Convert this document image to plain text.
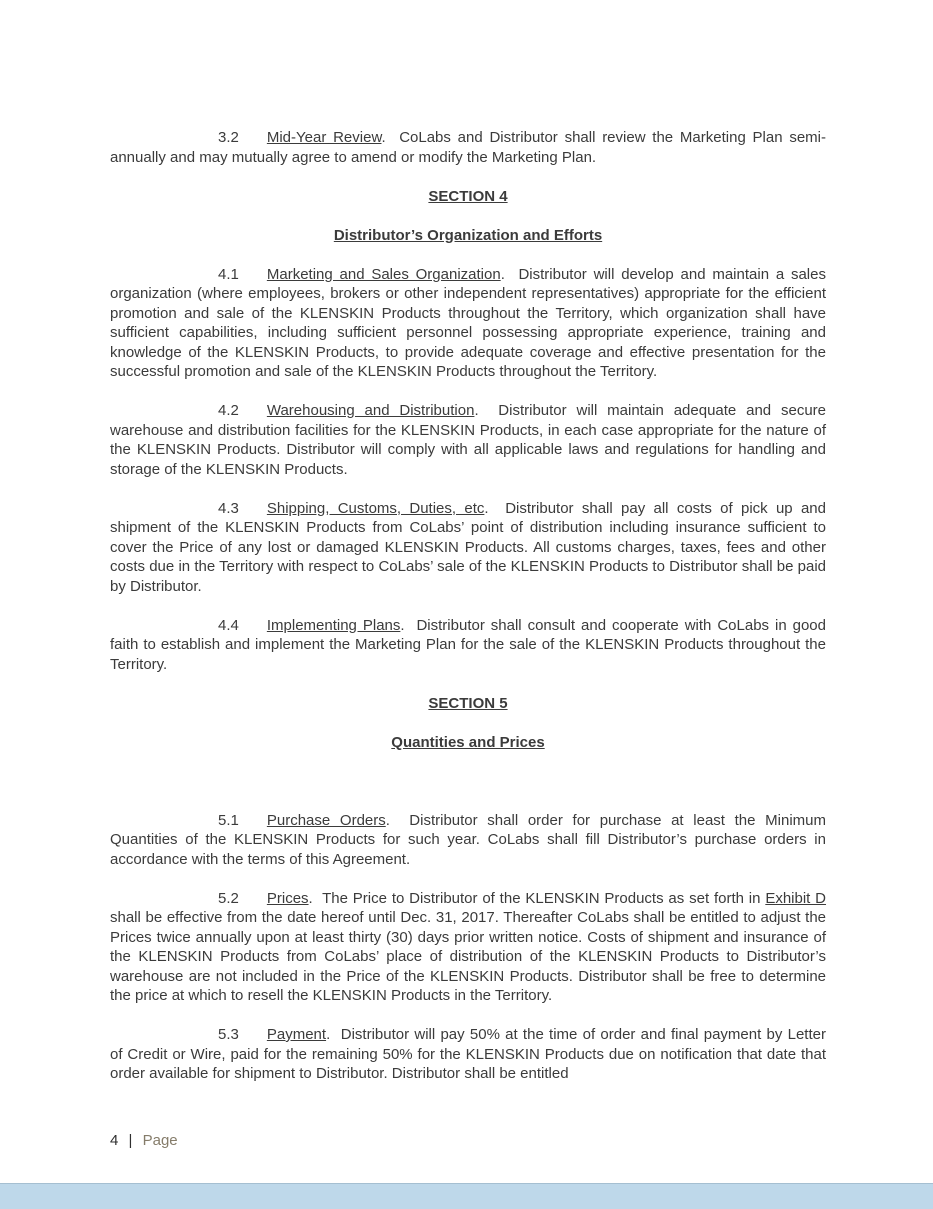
3.2 Mid-Year Review.  CoLabs and Distributor shall review the Marketing Plan semi-annually and may mutually agree to amend or modify the Marketing Plan.

SECTION 4
Distributor’s Organization and Efforts

4.1 Marketing and Sales Organization.  Distributor will develop and maintain a sales organization (where employees, brokers or other independent representatives) appropriate for the efficient promotion and sale of the KLENSKIN Products throughout the Territory, which organization shall have sufficient capabilities, including sufficient personnel possessing appropriate experience, training and knowledge of the KLENSKIN Products, to provide adequate coverage and effective presentation for the successful promotion and sale of the KLENSKIN Products throughout the Territory.

4.2 Warehousing and Distribution.  Distributor will maintain adequate and secure warehouse and distribution facilities for the KLENSKIN Products, in each case appropriate for the nature of the KLENSKIN Products. Distributor will comply with all applicable laws and regulations for handling and storage of the KLENSKIN Products.

4.3 Shipping, Customs, Duties, etc.  Distributor shall pay all costs of pick up and shipment of the KLENSKIN Products from CoLabs’ point of distribution including insurance sufficient to cover the Price of any lost or damaged KLENSKIN Products. All customs charges, taxes, fees and other costs due in the Territory with respect to CoLabs’ sale of the KLENSKIN Products to Distributor shall be paid by Distributor.

4.4 Implementing Plans.  Distributor shall consult and cooperate with CoLabs in good faith to establish and implement the Marketing Plan for the sale of the KLENSKIN Products throughout the Territory.

SECTION 5
Quantities and Prices

5.1 Purchase Orders.  Distributor shall order for purchase at least the Minimum Quantities of the KLENSKIN Products for such year. CoLabs shall fill Distributor’s purchase orders in accordance with the terms of this Agreement.

5.2 Prices.  The Price to Distributor of the KLENSKIN Products as set forth in Exhibit D shall be effective from the date hereof until Dec. 31, 2017. Thereafter CoLabs shall be entitled to adjust the Prices twice annually upon at least thirty (30) days prior written notice. Costs of shipment and insurance of the KLENSKIN Products from CoLabs’ place of distribution of the KLENSKIN Products to Distributor’s warehouse are not included in the Price of the KLENSKIN Products. Distributor shall be free to determine the price at which to resell the KLENSKIN Products in the Territory.

5.3 Payment.  Distributor will pay 50% at the time of order and final payment by Letter of Credit or Wire, paid for the remaining 50% for the KLENSKIN Products due on notification that date that order available for shipment to Distributor. Distributor shall be entitled

4 | Page
